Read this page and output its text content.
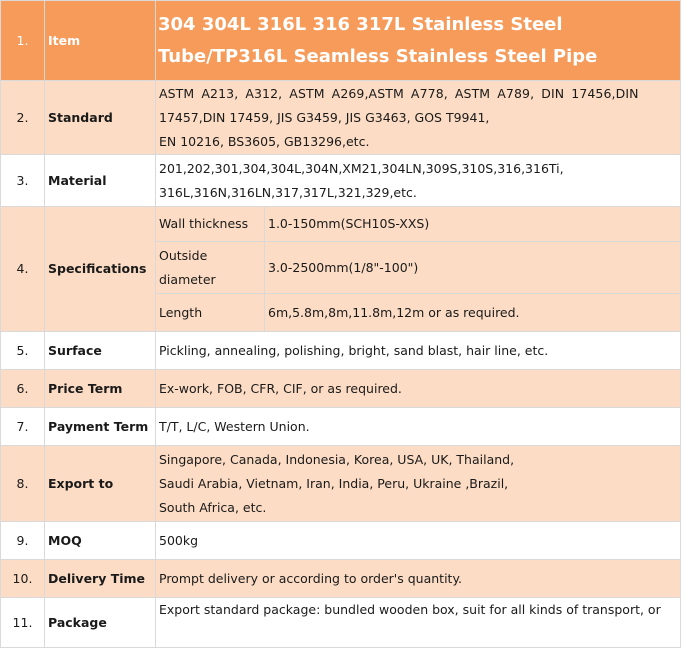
1.	Item	304 304L 316L 316 317L Stainless Steel Tube/TP316L Seamless Stainless Steel Pipe	
2.	Standard	ASTM A213, A312, ASTM A269,ASTM A778, ASTM A789, DIN 17456,DIN
17457,DIN 17459, JIS G3459, JIS G3463, GOS T9941,
EN 10216, BS3605, GB13296,etc.	

3.	Material	201,202,301,304,304L,304N,XM21,304LN,309S,310S,316,316Ti,
316L,316N,316LN,317,317L,321,329,etc.	

4.	Specifications	Wall thickness	1.0-150mm(SCH10S-XXS)

		Outside
diameter	3.0-2500mm(1/8"-100")
		Length	6m,5.8m,8m,11.8m,12m or as required.
5.	Surface	Pickling, annealing, polishing, bright, sand blast, hair line, etc.	
6.	Price Term	Ex-work, FOB, CFR, CIF, or as required.	
7.	Payment Term	T/T, L/C, Western Union.	
8.	Export to	Singapore, Canada, Indonesia, Korea, USA, UK, Thailand,
Saudi Arabia, Vietnam, Iran, India, Peru, Ukraine ,Brazil,
South Africa, etc.	

9.	MOQ	500kg	
10.	Delivery Time	Prompt delivery or according to order's quantity.	
11.	Package	Export standard package: bundled wooden box, suit for all kinds of transport, or	
